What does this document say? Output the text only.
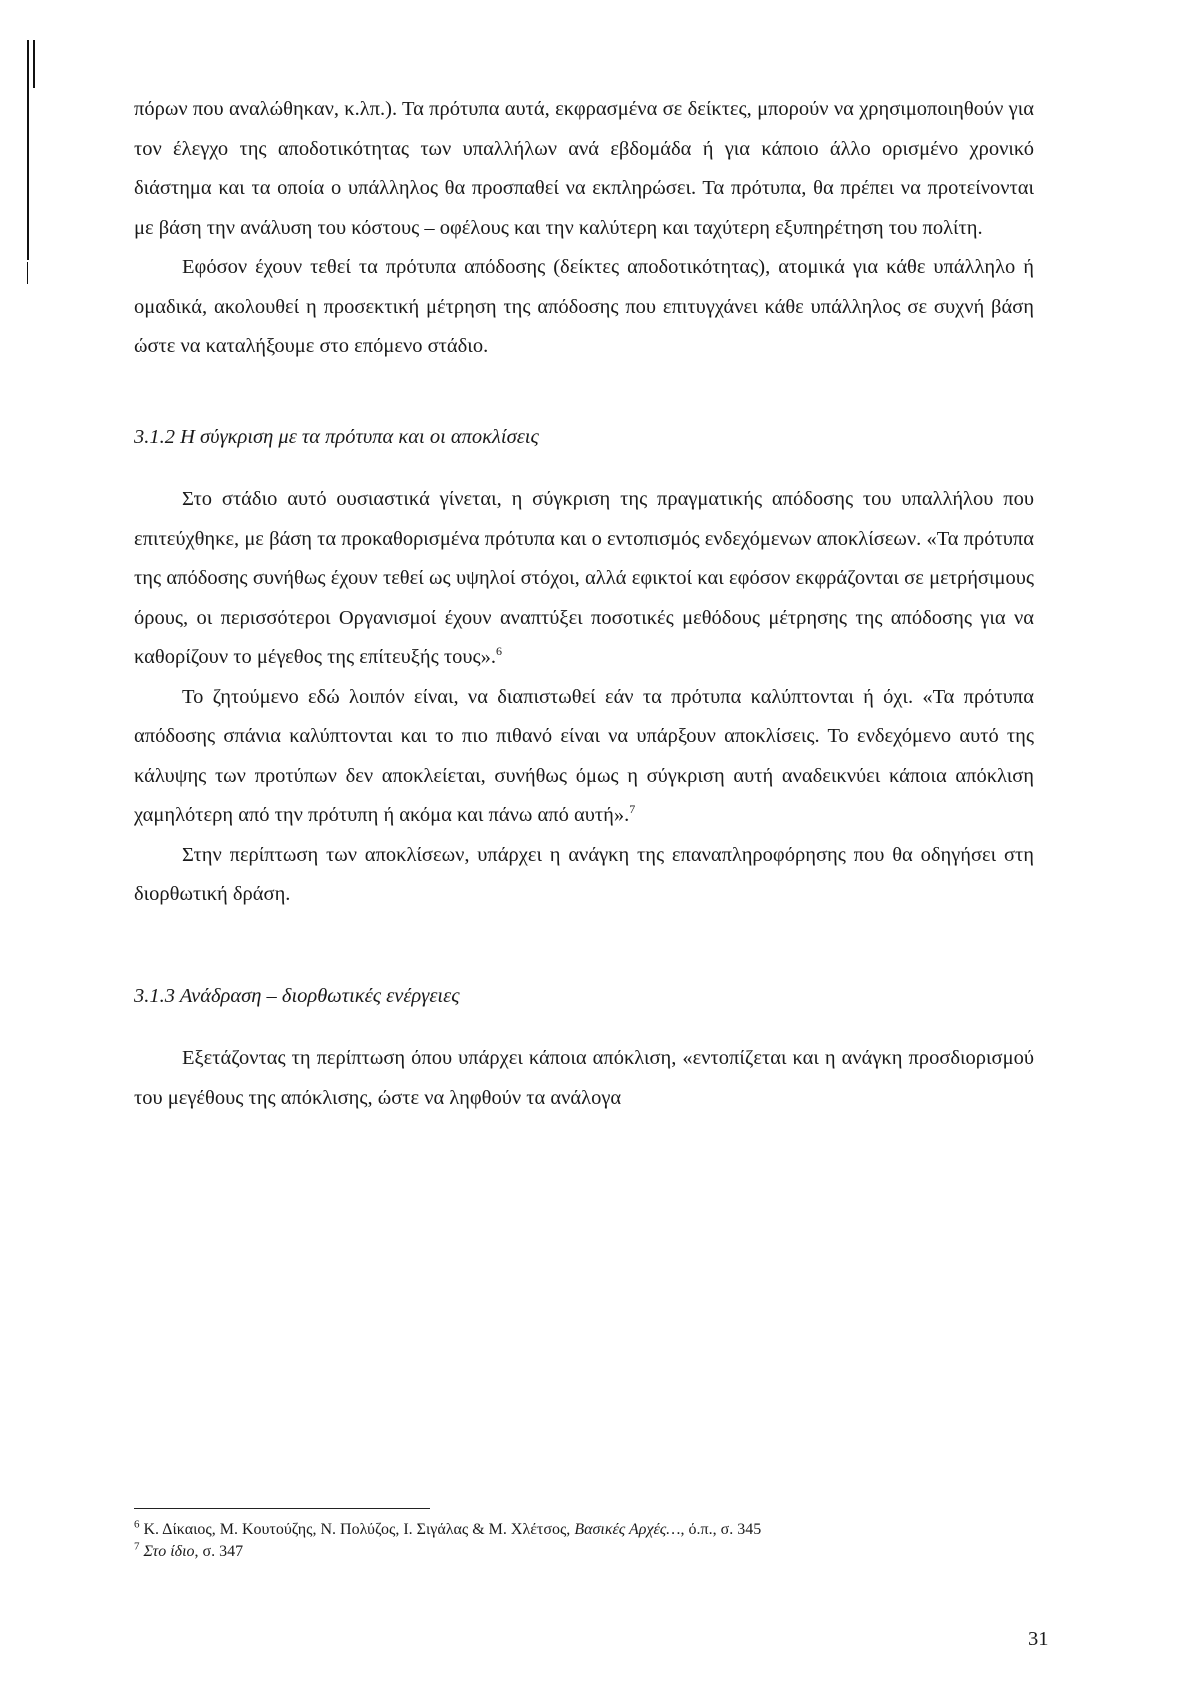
πόρων που αναλώθηκαν, κ.λπ.). Τα πρότυπα αυτά, εκφρασμένα σε δείκτες, μπορούν να χρησιμοποιηθούν για τον έλεγχο της αποδοτικότητας των υπαλλήλων ανά εβδομάδα ή για κάποιο άλλο ορισμένο χρονικό διάστημα και τα οποία ο υπάλληλος θα προσπαθεί να εκπληρώσει. Τα πρότυπα, θα πρέπει να προτείνονται με βάση την ανάλυση του κόστους – οφέλους και την καλύτερη και ταχύτερη εξυπηρέτηση του πολίτη.

Εφόσον έχουν τεθεί τα πρότυπα απόδοσης (δείκτες αποδοτικότητας), ατομικά για κάθε υπάλληλο ή ομαδικά, ακολουθεί η προσεκτική μέτρηση της απόδοσης που επιτυγχάνει κάθε υπάλληλος σε συχνή βάση ώστε να καταλήξουμε στο επόμενο στάδιο.

3.1.2 Η σύγκριση με τα πρότυπα και οι αποκλίσεις

Στο στάδιο αυτό ουσιαστικά γίνεται, η σύγκριση της πραγματικής απόδοσης του υπαλλήλου που επιτεύχθηκε, με βάση τα προκαθορισμένα πρότυπα και ο εντοπισμός ενδεχόμενων αποκλίσεων. «Τα πρότυπα της απόδοσης συνήθως έχουν τεθεί ως υψηλοί στόχοι, αλλά εφικτοί και εφόσον εκφράζονται σε μετρήσιμους όρους, οι περισσότεροι Οργανισμοί έχουν αναπτύξει ποσοτικές μεθόδους μέτρησης της απόδοσης για να καθορίζουν το μέγεθος της επίτευξής τους».$^6$

Το ζητούμενο εδώ λοιπόν είναι, να διαπιστωθεί εάν τα πρότυπα καλύπτονται ή όχι. «Τα πρότυπα απόδοσης σπάνια καλύπτονται και το πιο πιθανό είναι να υπάρξουν αποκλίσεις. Το ενδεχόμενο αυτό της κάλυψης των προτύπων δεν αποκλείεται, συνήθως όμως η σύγκριση αυτή αναδεικνύει κάποια απόκλιση χαμηλότερη από την πρότυπη ή ακόμα και πάνω από αυτή».$^7$

Στην περίπτωση των αποκλίσεων, υπάρχει η ανάγκη της επαναπληροφόρησης που θα οδηγήσει στη διορθωτική δράση.

3.1.3 Ανάδραση – διορθωτικές ενέργειες

Εξετάζοντας τη περίπτωση όπου υπάρχει κάποια απόκλιση, «εντοπίζεται και η ανάγκη προσδιορισμού του μεγέθους της απόκλισης, ώστε να ληφθούν τα ανάλογα

$^6$ Κ. Δίκαιος, Μ. Κουτούζης, Ν. Πολύζος, Ι. Σιγάλας & Μ. Χλέτσος, Βασικές Αρχές…, ό.π., σ. 345

$^7$ Στο ίδιο, σ. 347

31
